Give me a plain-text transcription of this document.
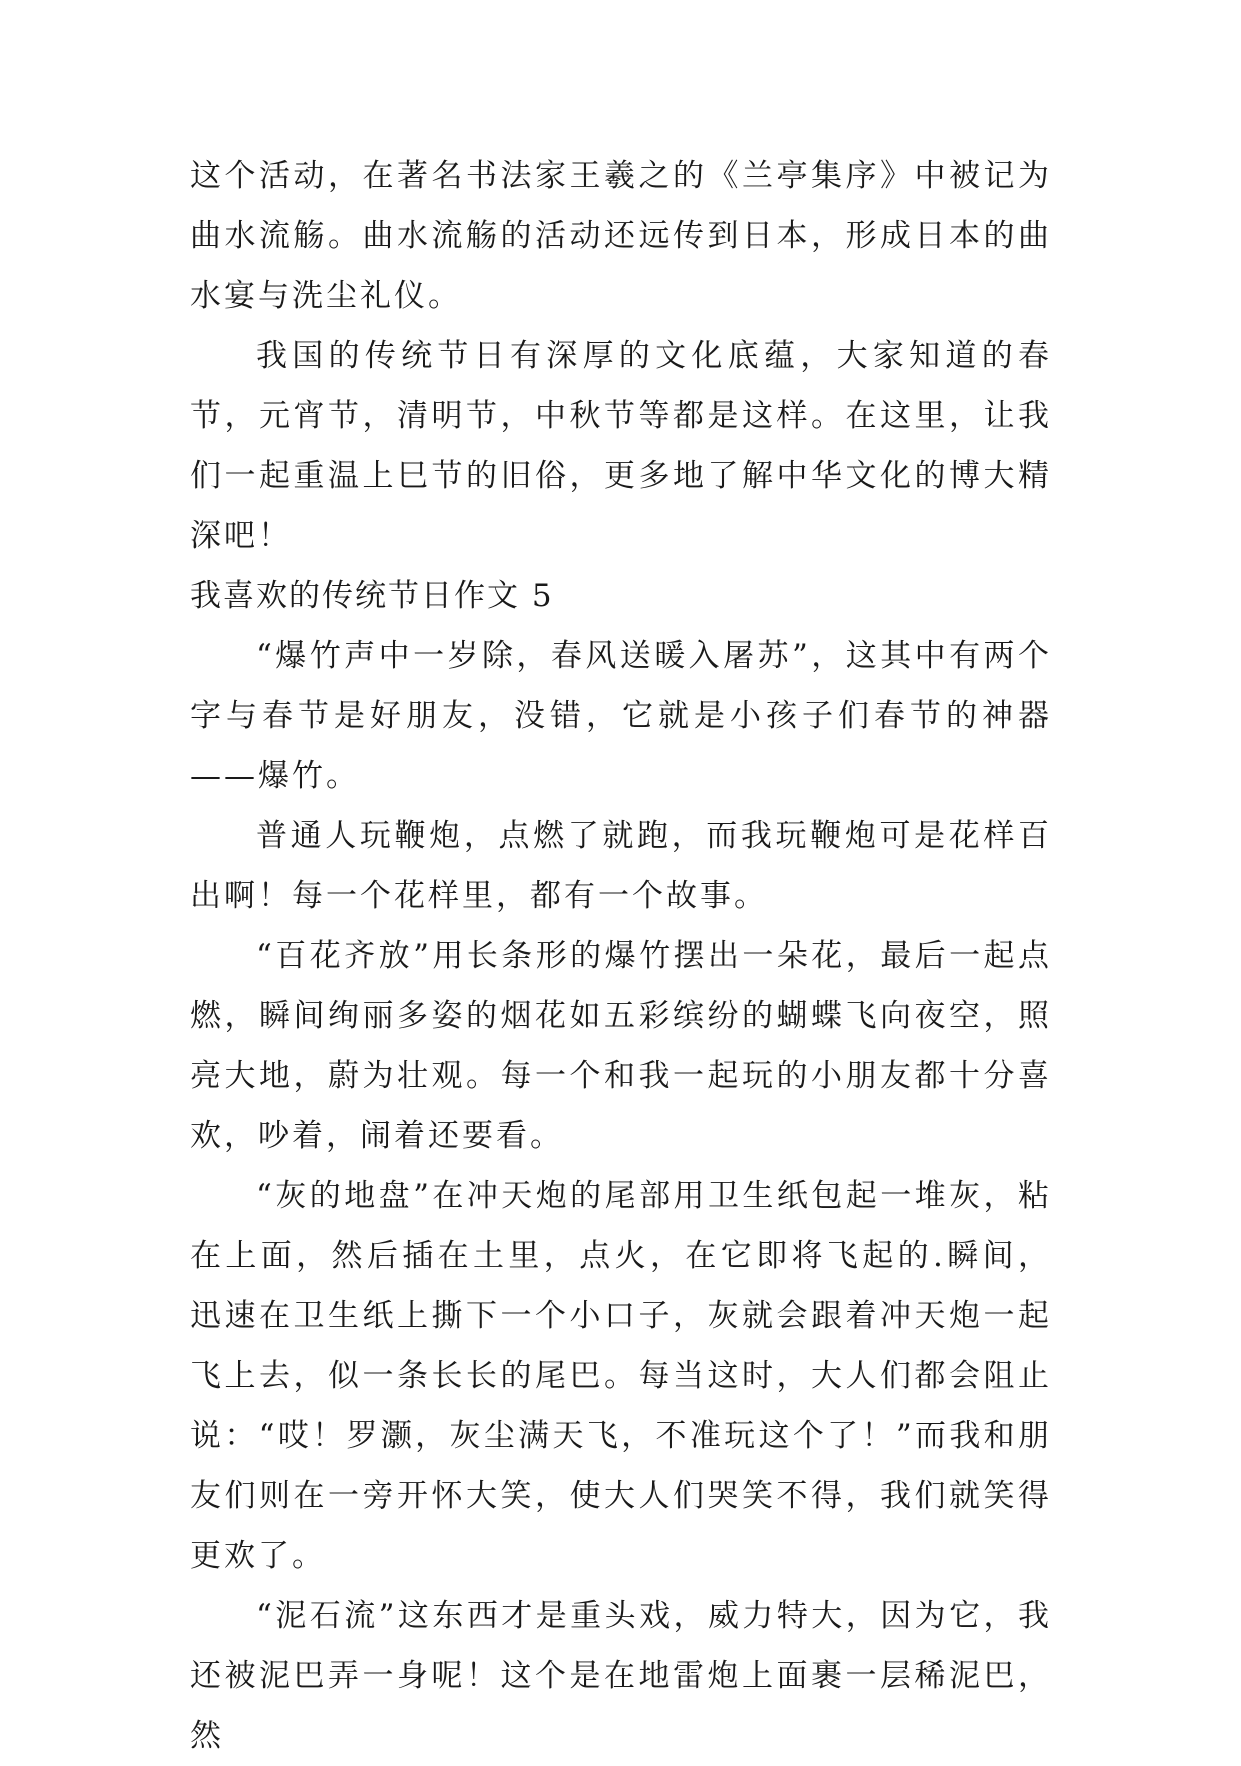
这个活动，在著名书法家王羲之的《兰亭集序》中被记为曲水流觞。曲水流觞的活动还远传到日本，形成日本的曲水宴与洗尘礼仪。

我国的传统节日有深厚的文化底蕴，大家知道的春节，元宵节，清明节，中秋节等都是这样。在这里，让我们一起重温上巳节的旧俗，更多地了解中华文化的博大精深吧！

我喜欢的传统节日作文 5

“爆竹声中一岁除，春风送暖入屠苏”，这其中有两个字与春节是好朋友，没错，它就是小孩子们春节的神器——爆竹。

普通人玩鞭炮，点燃了就跑，而我玩鞭炮可是花样百出啊！每一个花样里，都有一个故事。

“百花齐放”用长条形的爆竹摆出一朵花，最后一起点燃，瞬间绚丽多姿的烟花如五彩缤纷的蝴蝶飞向夜空，照亮大地，蔚为壮观。每一个和我一起玩的小朋友都十分喜欢，吵着，闹着还要看。

“灰的地盘”在冲天炮的尾部用卫生纸包起一堆灰，粘在上面，然后插在土里，点火，在它即将飞起的.瞬间，迅速在卫生纸上撕下一个小口子，灰就会跟着冲天炮一起飞上去，似一条长长的尾巴。每当这时，大人们都会阻止说：“哎！罗灏，灰尘满天飞，不准玩这个了！”而我和朋友们则在一旁开怀大笑，使大人们哭笑不得，我们就笑得更欢了。

“泥石流”这东西才是重头戏，威力特大，因为它，我还被泥巴弄一身呢！这个是在地雷炮上面裹一层稀泥巴，然
